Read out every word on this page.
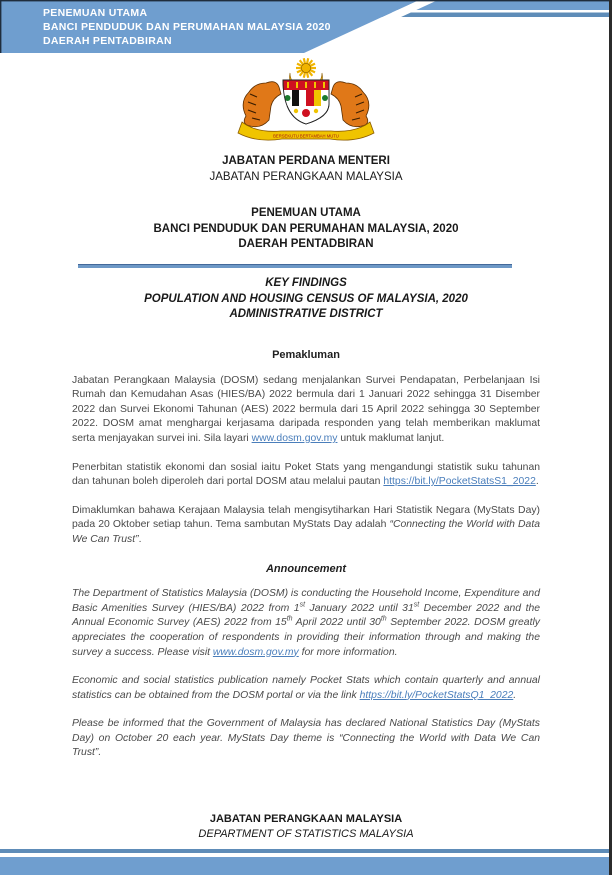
PENEMUAN UTAMA
BANCI PENDUDUK DAN PERUMAHAN MALAYSIA 2020
DAERAH PENTADBIRAN
BERSEKUTU BERTAMBAH MUTU
JABATAN PERDANA MENTERI
JABATAN PERANGKAAN MALAYSIA
PENEMUAN UTAMA
BANCI PENDUDUK DAN PERUMAHAN MALAYSIA, 2020
DAERAH PENTADBIRAN
KEY FINDINGS
POPULATION AND HOUSING CENSUS OF MALAYSIA, 2020
ADMINISTRATIVE DISTRICT
Pemakluman

Jabatan Perangkaan Malaysia (DOSM) sedang menjalankan Survei Pendapatan, Perbelanjaan Isi Rumah dan Kemudahan Asas (HIES/BA) 2022 bermula dari 1 Januari 2022 sehingga 31 Disember 2022 dan Survei Ekonomi Tahunan (AES) 2022 bermula dari 15 April 2022 sehingga 30 September 2022. DOSM amat menghargai kerjasama daripada responden yang telah memberikan maklumat serta menjayakan survei ini. Sila layari www.dosm.gov.my untuk maklumat lanjut.

Penerbitan statistik ekonomi dan sosial iaitu Poket Stats yang mengandungi statistik suku tahunan dan tahunan boleh diperoleh dari portal DOSM atau melalui pautan https://bit.ly/PocketStatsS1_2022.

Dimaklumkan bahawa Kerajaan Malaysia telah mengisytiharkan Hari Statistik Negara (MyStats Day) pada 20 Oktober setiap tahun. Tema sambutan MyStats Day adalah “Connecting the World with Data We Can Trust”.

Announcement

The Department of Statistics Malaysia (DOSM) is conducting the Household Income, Expenditure and Basic Amenities Survey (HIES/BA) 2022 from 1st January 2022 until 31st December 2022 and the Annual Economic Survey (AES) 2022 from 15th April 2022 until 30th September 2022. DOSM greatly appreciates the cooperation of respondents in providing their information through and making the survey a success. Please visit www.dosm.gov.my for more information.

Economic and social statistics publication namely Pocket Stats which contain quarterly and annual statistics can be obtained from the DOSM portal or via the link https://bit.ly/PocketStatsQ1_2022.

Please be informed that the Government of Malaysia has declared National Statistics Day (MyStats Day) on October 20 each year. MyStats Day theme is “Connecting the World with Data We Can Trust”.

JABATAN PERANGKAAN MALAYSIA
DEPARTMENT OF STATISTICS MALAYSIA
